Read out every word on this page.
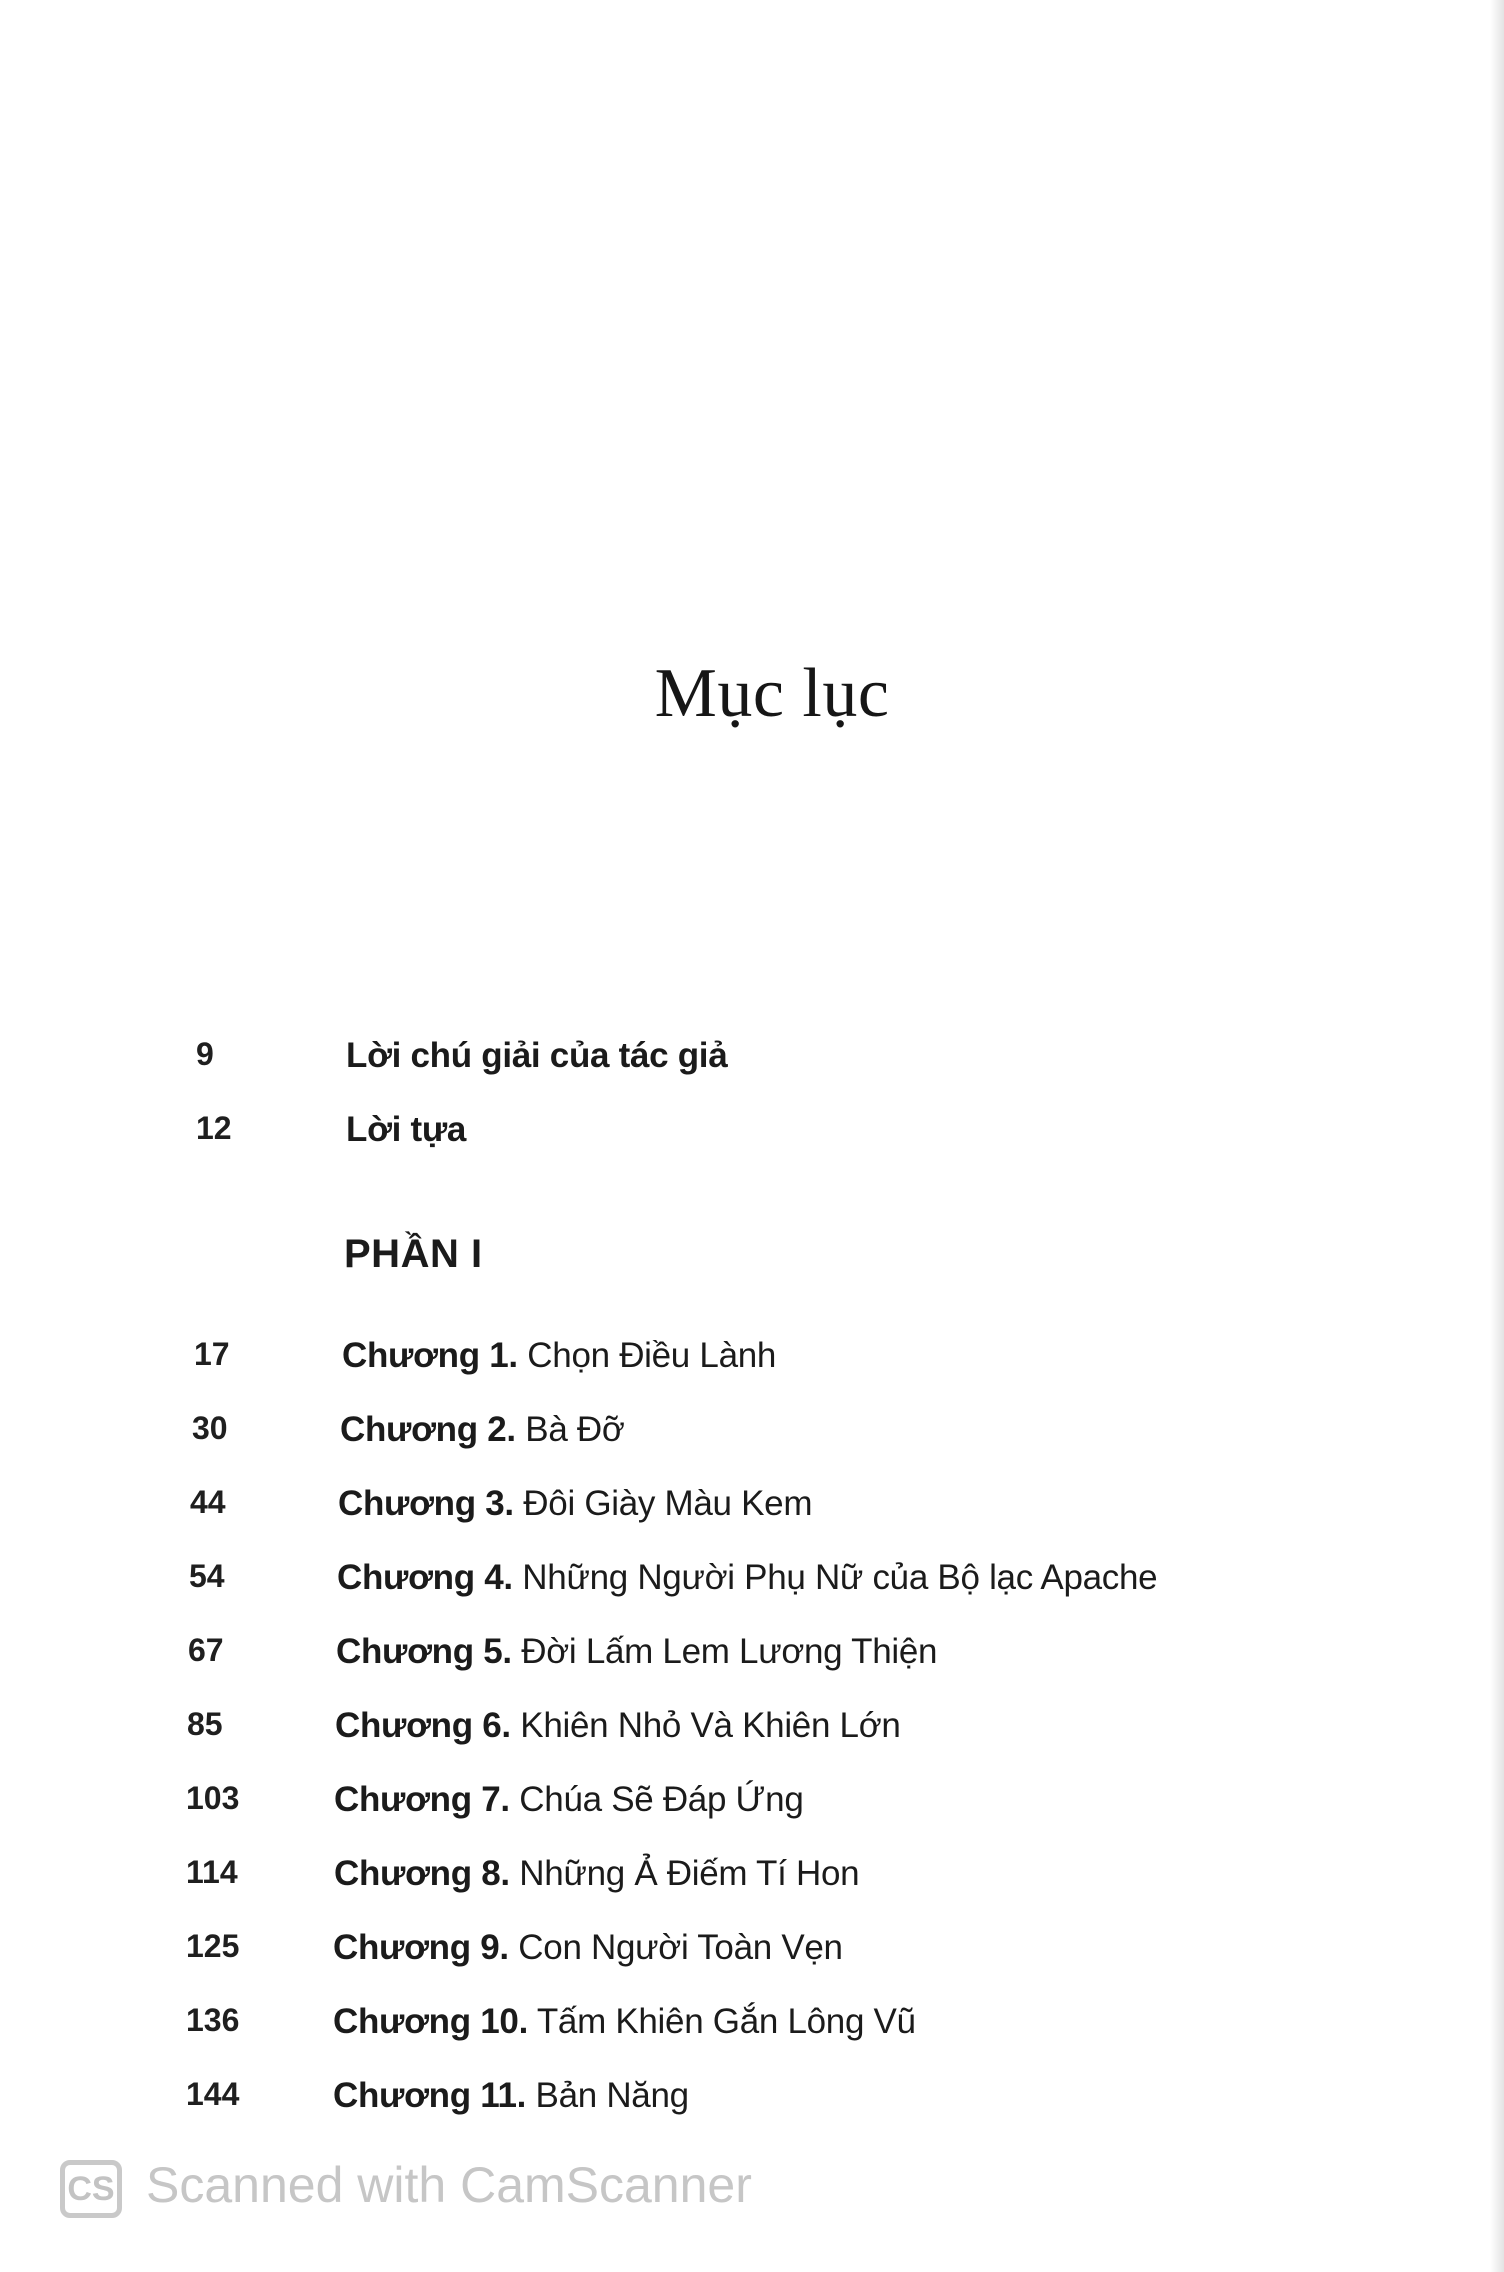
Mục lục
9	Lời chú giải của tác giả
12	Lời tựa
PHẦN I
17	Chương 1. Chọn Điều Lành
30	Chương 2. Bà Đỡ
44	Chương 3. Đôi Giày Màu Kem
54	Chương 4. Những Người Phụ Nữ của Bộ lạc Apache
67	Chương 5. Đời Lấm Lem Lương Thiện
85	Chương 6. Khiên Nhỏ Và Khiên Lớn
103	Chương 7. Chúa Sẽ Đáp Ứng
114	Chương 8. Những Ả Điếm Tí Hon
125	Chương 9. Con Người Toàn Vẹn
136	Chương 10. Tấm Khiên Gắn Lông Vũ
144	Chương 11. Bản Năng
CS Scanned with CamScanner
